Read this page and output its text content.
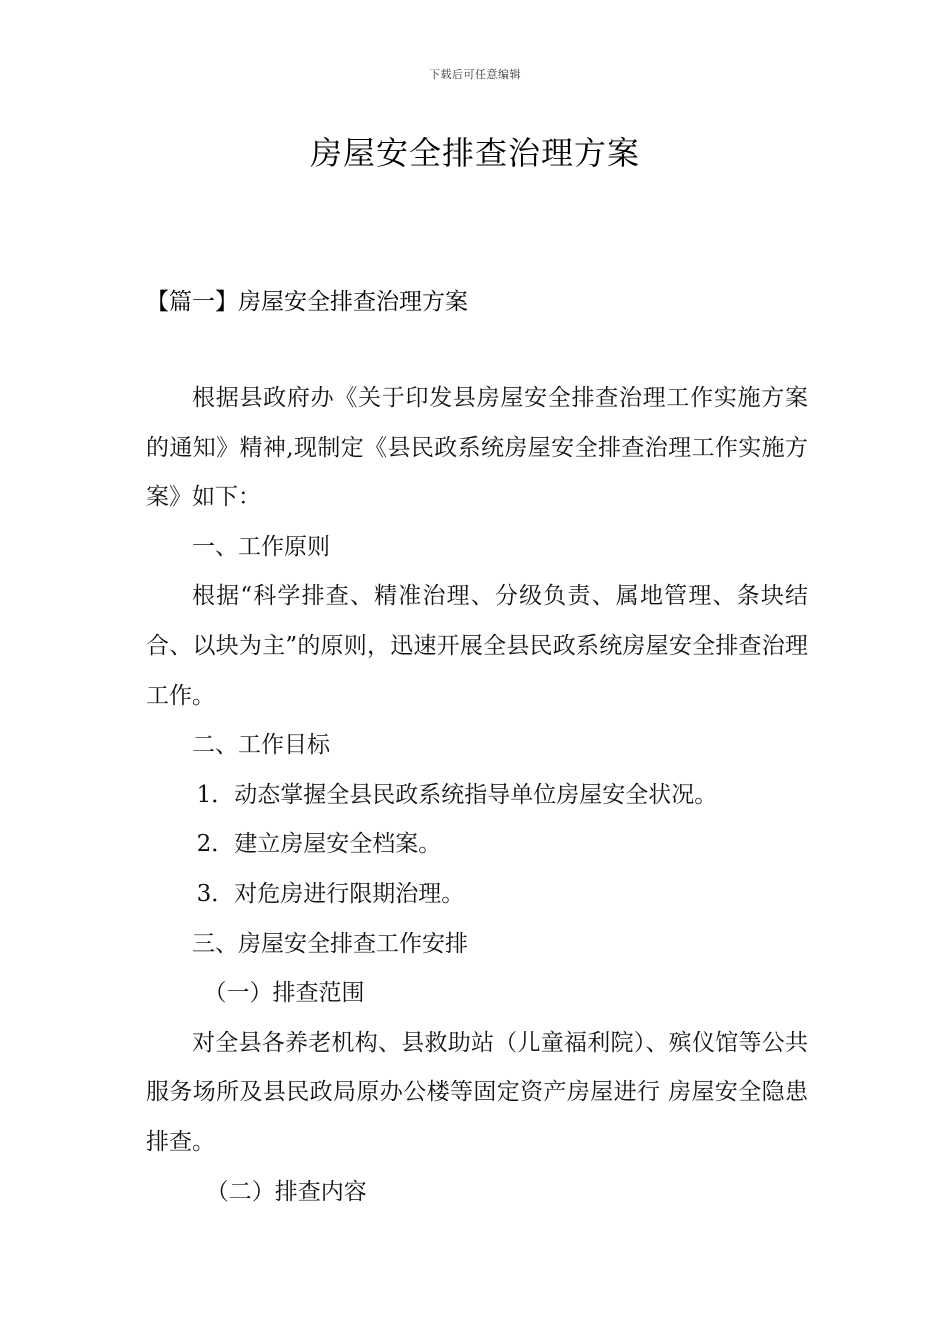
下载后可任意编辑
房屋安全排查治理方案
【篇一】房屋安全排查治理方案

根据县政府办《关于印发县房屋安全排查治理工作实施方案的通知》精神,现制定《县民政系统房屋安全排查治理工作实施方案》如下：

一、工作原则

根据“科学排查、精准治理、分级负责、属地管理、条块结合、以块为主”的原则，迅速开展全县民政系统房屋安全排查治理工作。

二、工作目标

1．动态掌握全县民政系统指导单位房屋安全状况。

2．建立房屋安全档案。

3．对危房进行限期治理。

三、房屋安全排查工作安排

（一）排查范围

对全县各养老机构、县救助站（儿童福利院）、殡仪馆等公共服务场所及县民政局原办公楼等固定资产房屋进行 房屋安全隐患排查。

（二）排查内容
